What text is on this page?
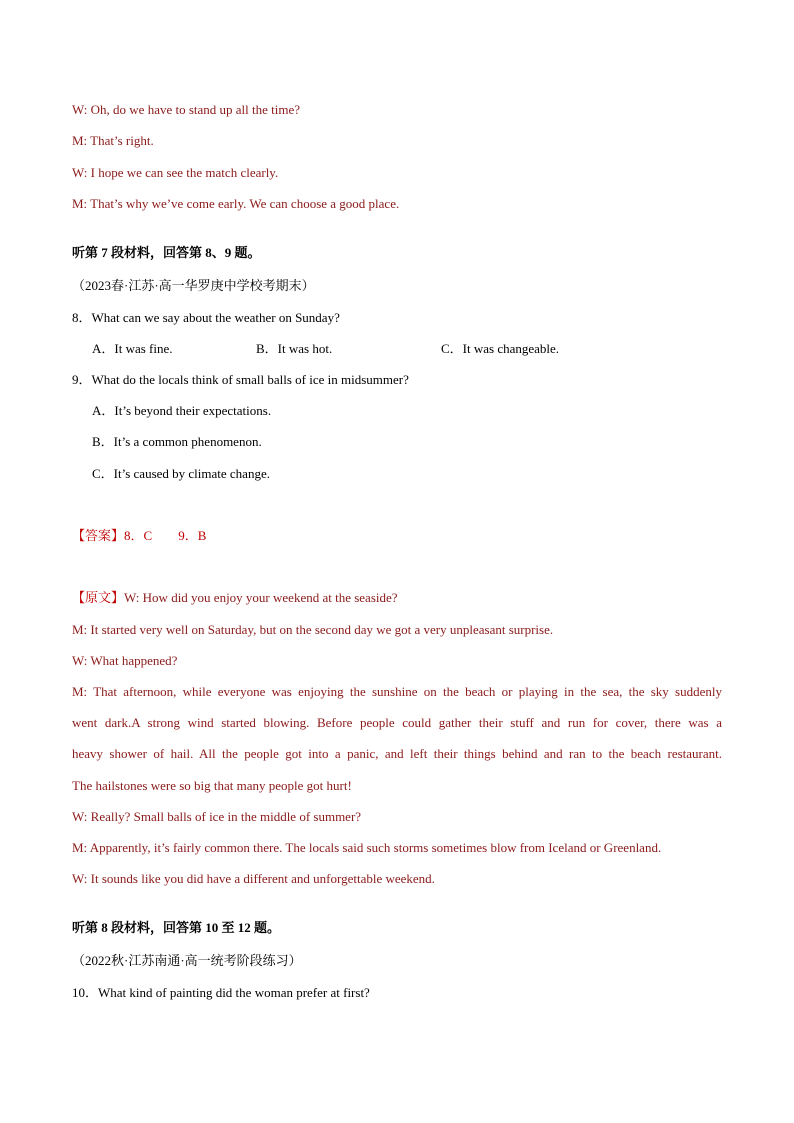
W: Oh, do we have to stand up all the time?

M: That’s right.

W: I hope we can see the match clearly.

M: That’s why we’ve come early. We can choose a good place.

听第 7 段材料，回答第 8、9 题。

（2023春·江苏·高一华罗庚中学校考期末）

8．What can we say about the weather on Sunday?

A．It was fine.	B．It was hot.	C．It was changeable.

9．What do the locals think of small balls of ice in midsummer?

A．It’s beyond their expectations.

B．It’s a common phenomenon.

C．It’s caused by climate change.

【答案】8．C 9．B

【原文】W: How did you enjoy your weekend at the seaside?

M: It started very well on Saturday, but on the second day we got a very unpleasant surprise.

W: What happened?

M: That afternoon, while everyone was enjoying the sunshine on the beach or playing in the sea, the sky suddenly

went dark.A strong wind started blowing. Before people could gather their stuff and run for cover, there was a

heavy shower of hail. All the people got into a panic, and left their things behind and ran to the beach restaurant.

The hailstones were so big that many people got hurt!

W: Really? Small balls of ice in the middle of summer?

M: Apparently, it’s fairly common there. The locals said such storms sometimes blow from Iceland or Greenland.

W: It sounds like you did have a different and unforgettable weekend.

听第 8 段材料，回答第 10 至 12 题。

（2022秋·江苏南通·高一统考阶段练习）

10．What kind of painting did the woman prefer at first?
